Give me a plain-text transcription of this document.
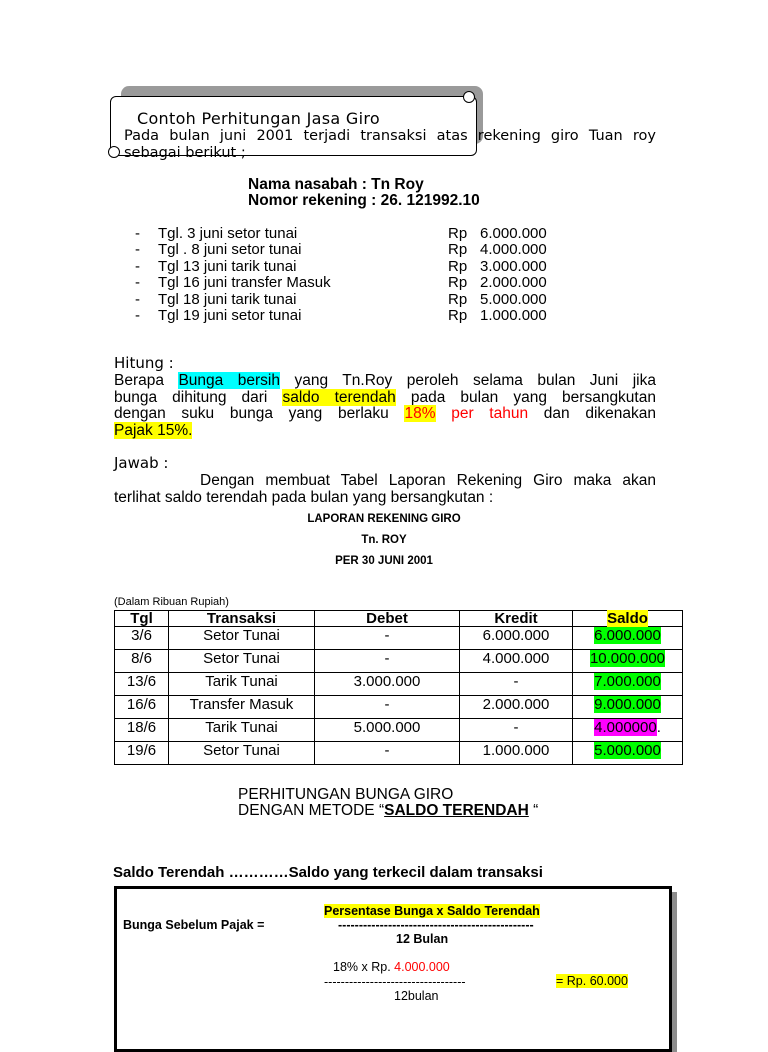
Contoh Perhitungan Jasa Giro
Pada bulan juni 2001 terjadi transaksi atas rekening giro Tuan roy
sebagai berikut ;
Nama nasabah : Tn Roy
Nomor rekening : 26. 121992.10
- Tgl. 3 juni setor tunai	Rp 6.000.000
- Tgl . 8 juni setor tunai	Rp 4.000.000
- Tgl 13 juni tarik tunai	Rp 3.000.000
- Tgl 16 juni transfer Masuk	Rp 2.000.000
- Tgl 18 juni tarik tunai	Rp 5.000.000
- Tgl 19 juni setor tunai	Rp 1.000.000
Hitung :
Berapa Bunga bersih yang Tn.Roy peroleh selama bulan Juni jika
bunga dihitung dari saldo terendah pada bulan yang bersangkutan
dengan suku bunga yang berlaku 18% per tahun dan dikenakan
Pajak 15%.
Jawab :
Dengan membuat Tabel Laporan Rekening Giro maka akan
terlihat saldo terendah pada bulan yang bersangkutan :
LAPORAN REKENING GIRO
Tn. ROY
PER 30 JUNI 2001
(Dalam Ribuan Rupiah)
Tgl	Transaksi	Debet	Kredit	Saldo
3/6	Setor Tunai	-	6.000.000	6.000.000
8/6	Setor Tunai	-	4.000.000	10.000.000
13/6	Tarik Tunai	3.000.000	-	7.000.000
16/6	Transfer Masuk	-	2.000.000	9.000.000
18/6	Tarik Tunai	5.000.000	-	4.000000.
19/6	Setor Tunai	-	1.000.000	5.000.000
PERHITUNGAN BUNGA GIRO
DENGAN METODE “SALDO TERENDAH “
Saldo Terendah …………Saldo yang terkecil dalam transaksi
Bunga Sebelum Pajak =
Persentase Bunga x Saldo Terendah
-----------------------------------------------
12 Bulan
18% x Rp. 4.000.000
----------------------------------
12bulan
= Rp. 60.000
